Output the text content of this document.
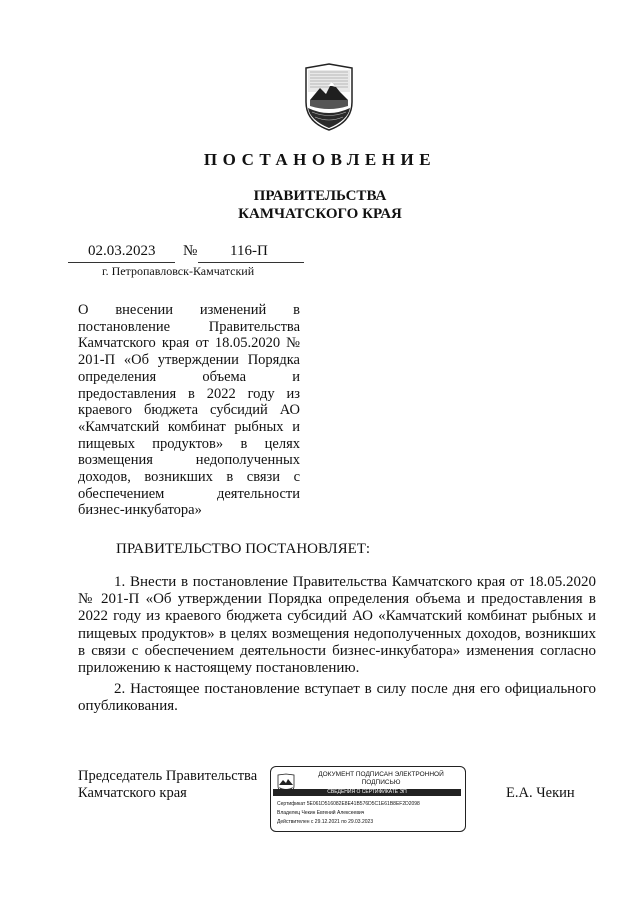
ПОСТАНОВЛЕНИЕ
ПРАВИТЕЛЬСТВА
КАМЧАТСКОГО КРАЯ
02.03.2023 № 116-П
г. Петропавловск-Камчатский
О внесении изменений в постановление Правительства Камчатского края от 18.05.2020 № 201-П «Об утверждении Порядка определения объема и предоставления в 2022 году из краевого бюджета субсидий АО «Камчатский комбинат рыбных и пищевых продуктов» в целях возмещения недополученных доходов, возникших в связи с обеспечением деятельности бизнес-инкубатора»
ПРАВИТЕЛЬСТВО ПОСТАНОВЛЯЕТ:
1. Внести в постановление Правительства Камчатского края от 18.05.2020 № 201-П «Об утверждении Порядка определения объема и предоставления в 2022 году из краевого бюджета субсидий АО «Камчатский комбинат рыбных и пищевых продуктов» в целях возмещения недополученных доходов, возникших в связи с обеспечением деятельности бизнес-инкубатора» изменения согласно приложению к настоящему постановлению.
2. Настоящее постановление вступает в силу после дня его официального опубликования.
Председатель Правительства
Камчатского края	Е.А. Чекин
ДОКУМЕНТ ПОДПИСАН ЭЛЕКТРОННОЙ ПОДПИСЬЮ
СВЕДЕНИЯ О СЕРТИФИКАТЕ ЭП
Сертификат 5E061D516082E8E41B576D5C1E61B8EF2D2098
Владелец Чекин Евгений Алексеевич
Действителен с 29.12.2021 по 29.03.2023
